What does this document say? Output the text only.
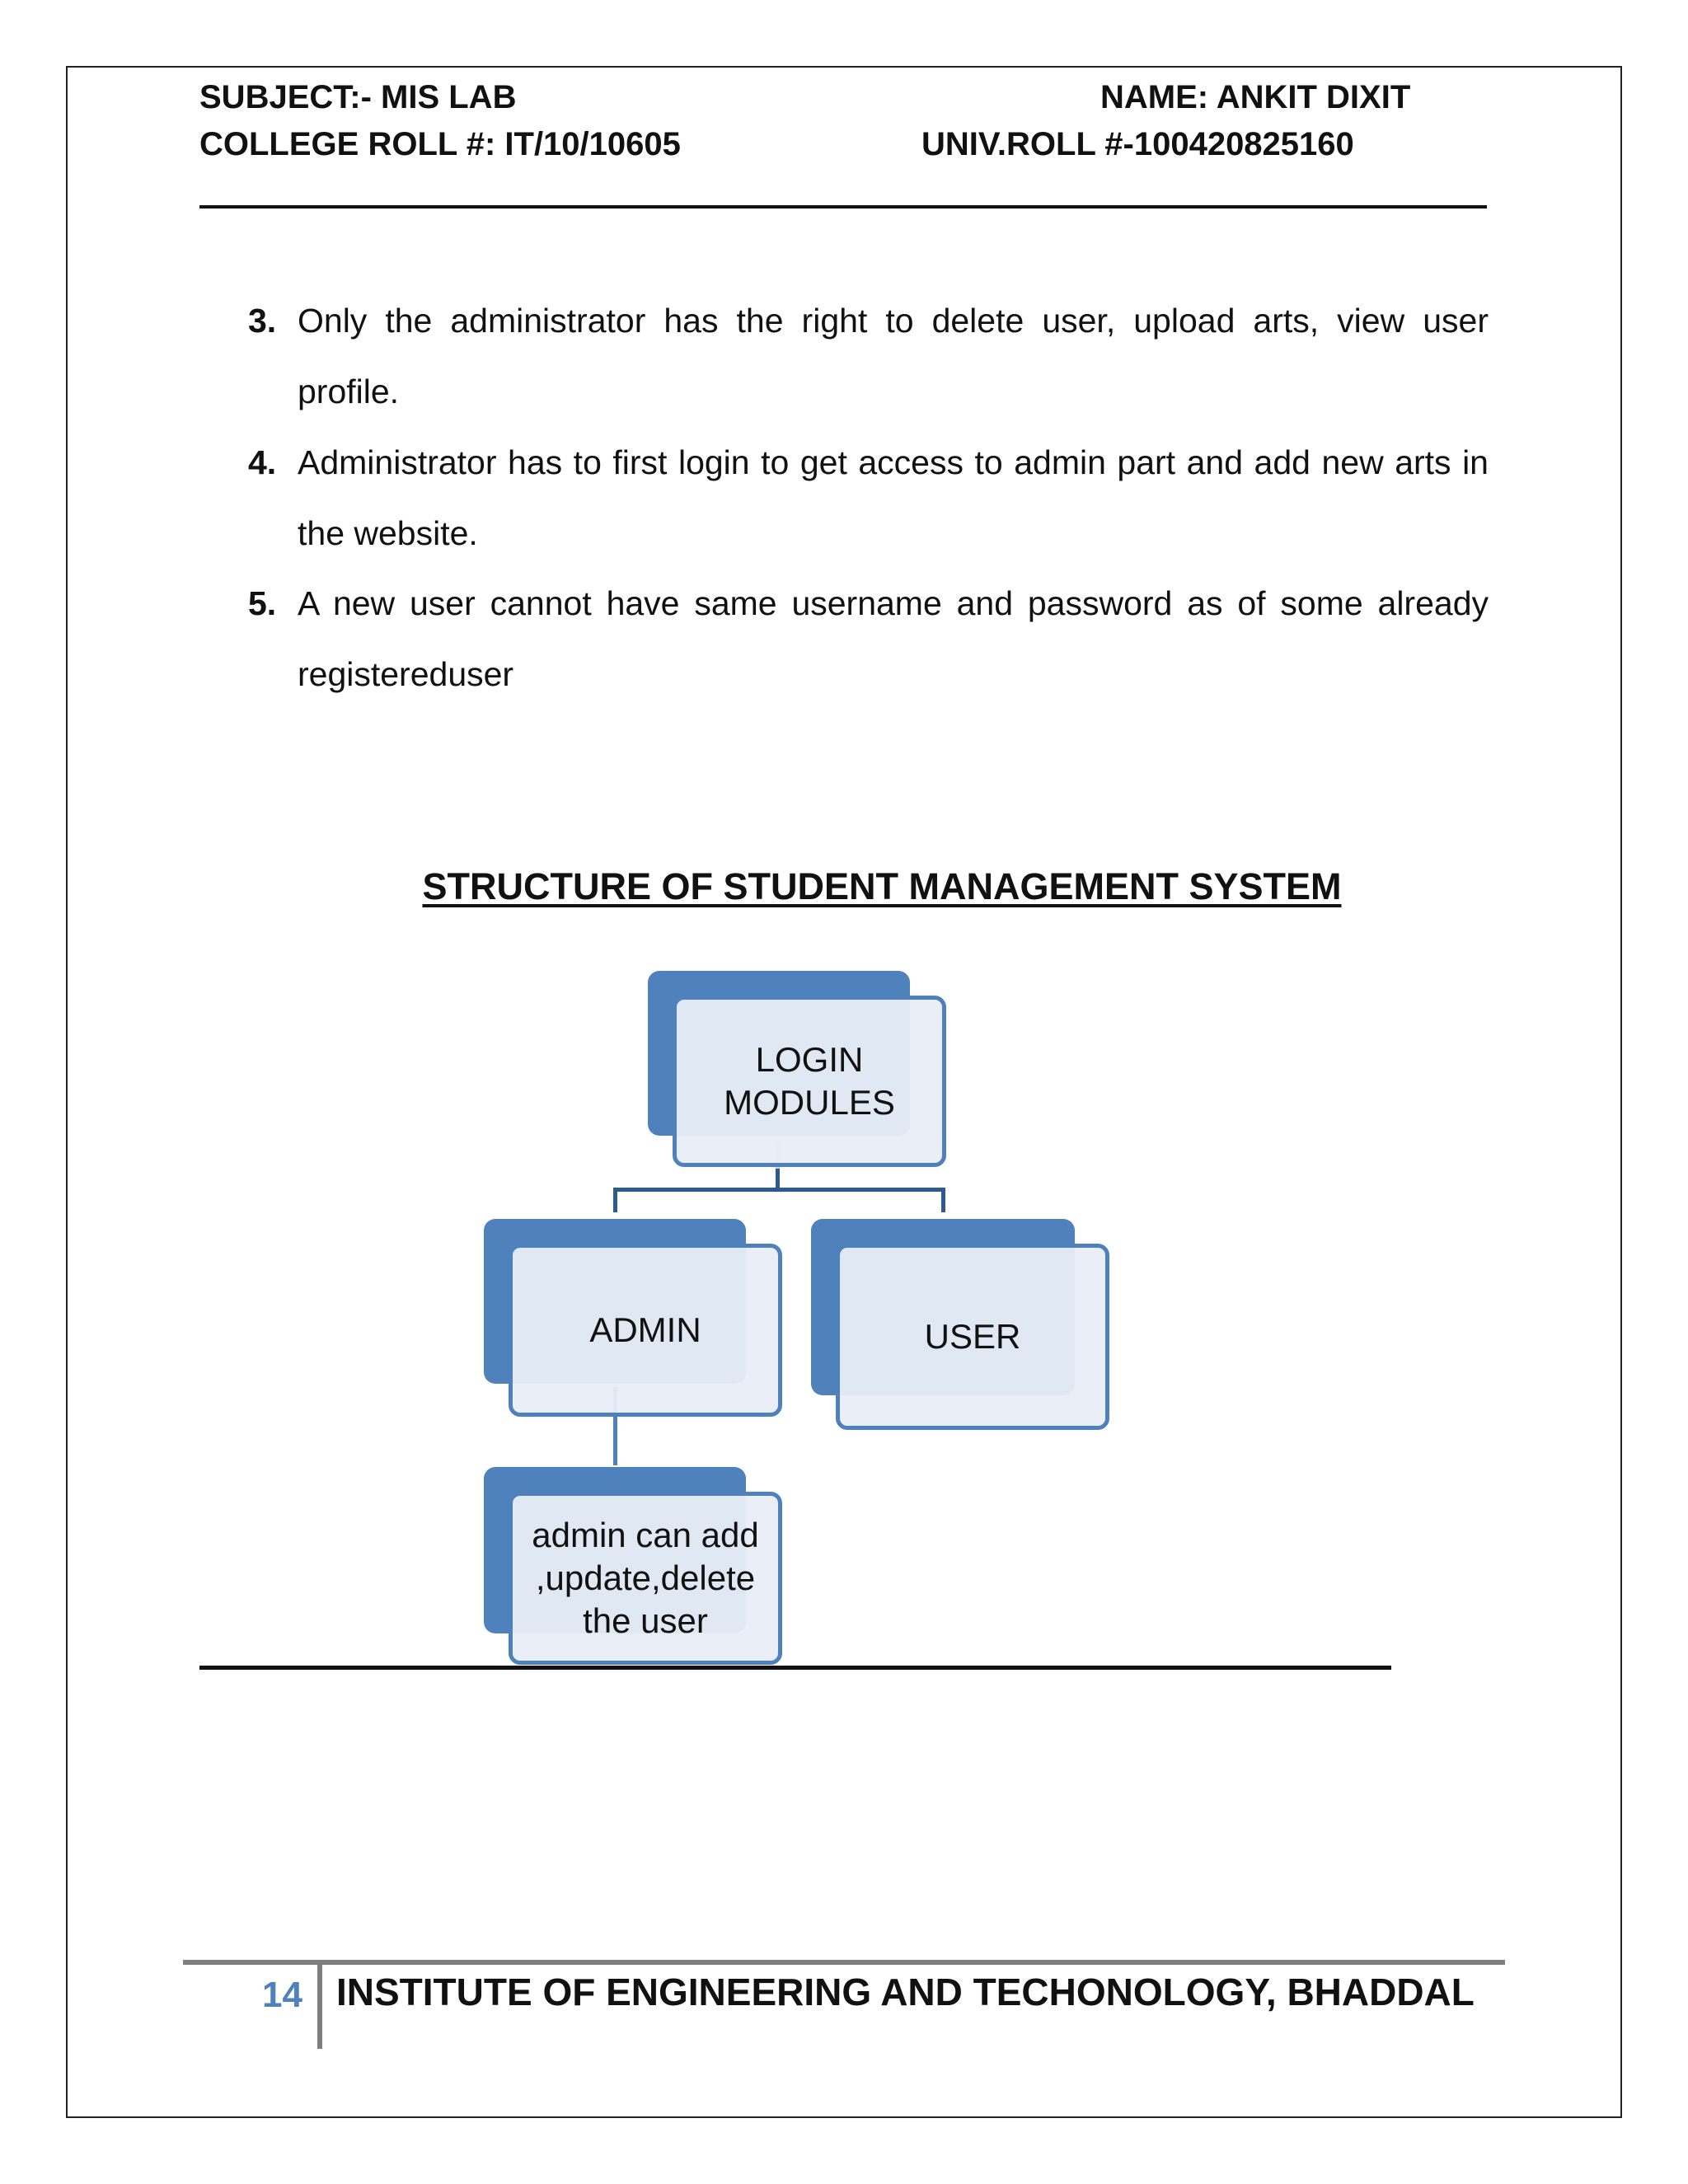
SUBJECT:- MIS LAB	NAME: ANKIT DIXIT
COLLEGE ROLL #: IT/10/10605	UNIV.ROLL #-100420825160
3. Only the administrator has the right to delete user, upload arts, view user profile.
4. Administrator has to first login to get access to admin part and add new arts in the website.
5. A new user cannot have same username and password as of some already registereduser
STRUCTURE OF STUDENT MANAGEMENT SYSTEM
LOGIN MODULES
ADMIN	USER
admin can add ,update,delete the user
14 INSTITUTE OF ENGINEERING AND TECHONOLOGY, BHADDAL
